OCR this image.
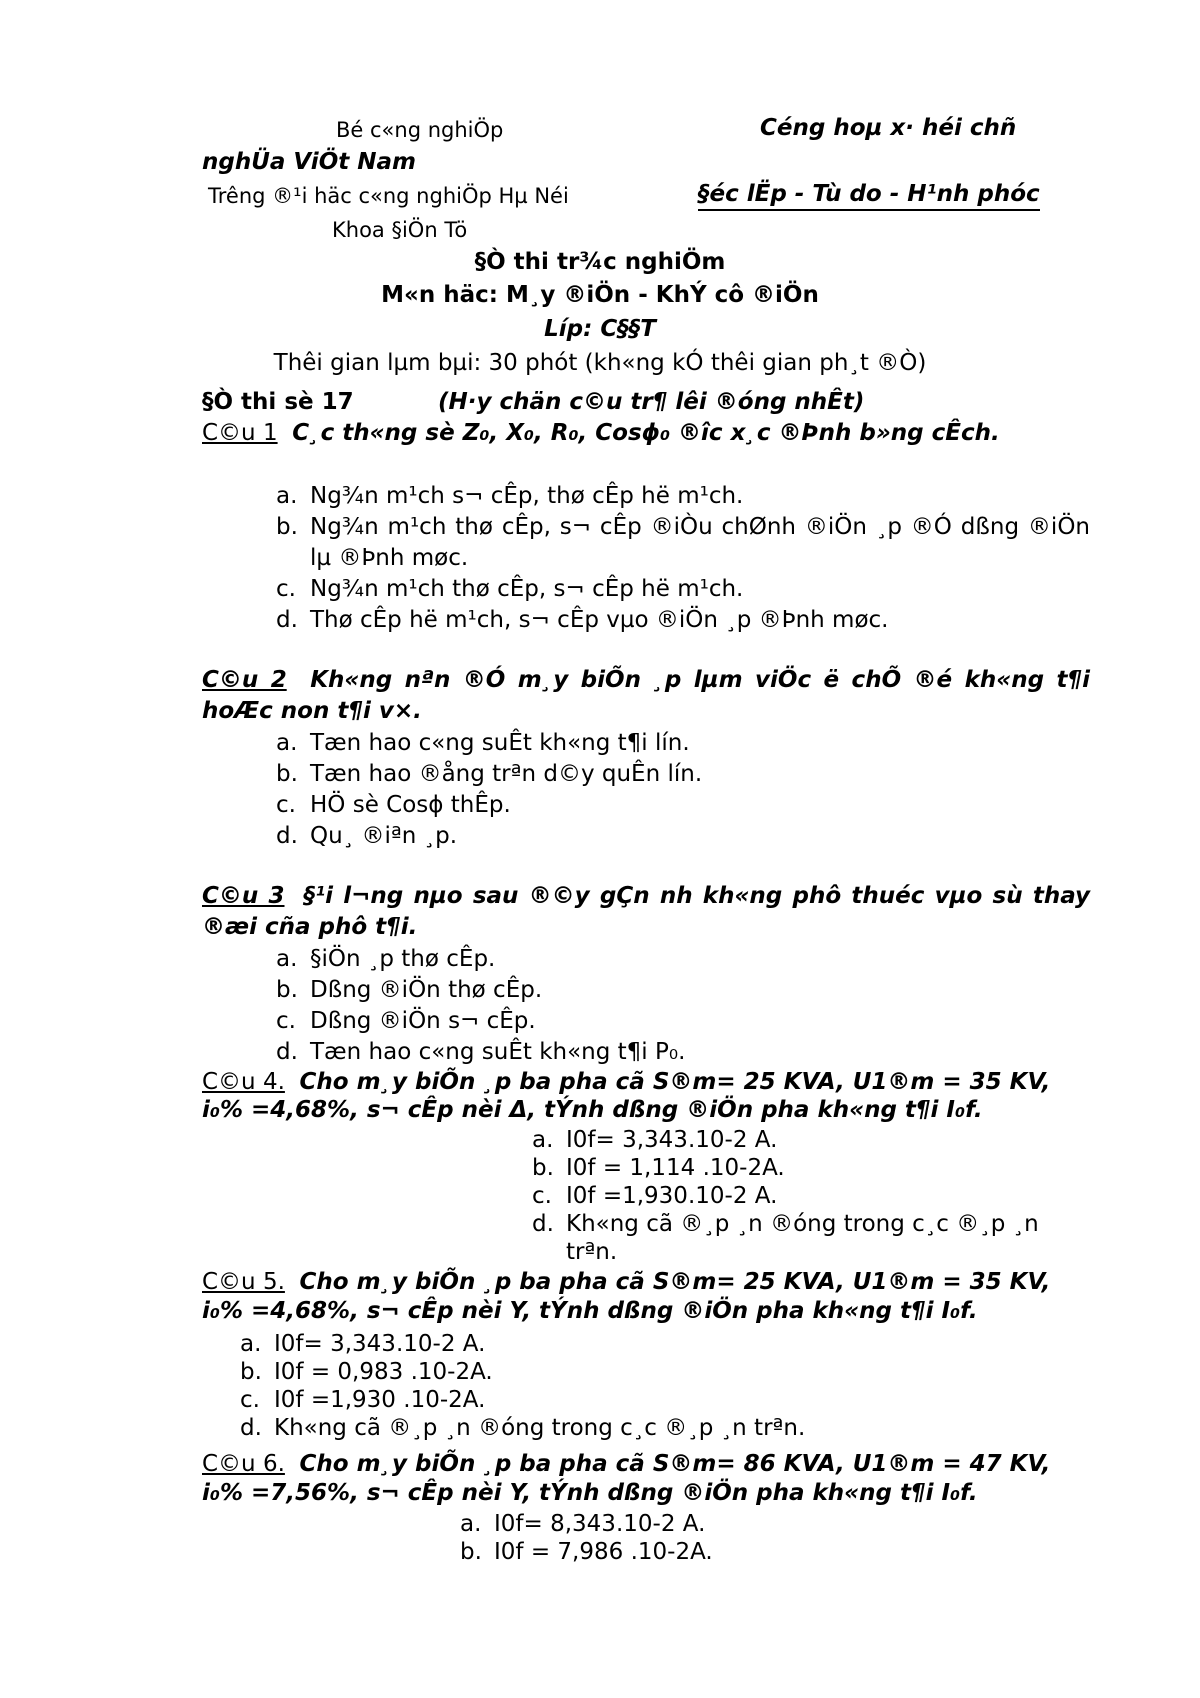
Bé c«ng nghiÖp	Céng hoµ x· héi chñ
nghÜa ViÖt Nam
Trêng ®¹i häc c«ng nghiÖp Hµ Néi	§éc lËp - Tù do - H¹nh phóc
Khoa §iÖn Tö
§Ò thi tr¾c nghiÖm
M«n häc: M¸y ®iÖn - KhÝ cô ®iÖn
Líp: C§§T
Thêi gian lµm bµi: 30 phót (kh«ng kÓ thêi gian ph¸t ®Ò)
§Ò thi sè 17	(H·y chän c©u tr¶ lêi ®óng nhÊt)
C©u 1 C¸c th«ng sè Z₀, X₀, R₀, Cosϕ₀ ®îc x¸c ®Þnh b»ng cÊch.
a. Ng¾n m¹ch s¬ cÊp, thø cÊp hë m¹ch.
b. Ng¾n m¹ch thø cÊp, s¬ cÊp ®iÒu chØnh ®iÖn ¸p ®Ó dßng ®iÖn lµ ®Þnh møc.
c. Ng¾n m¹ch thø cÊp, s¬ cÊp hë m¹ch.
d. Thø cÊp hë m¹ch, s¬ cÊp vµo ®iÖn ¸p ®Þnh møc.
C©u 2 Kh«ng nªn ®Ó m¸y biÕn ¸p lµm viÖc ë chÕ ®é kh«ng t¶i hoÆc non t¶i v×.
a. Tæn hao c«ng suÊt kh«ng t¶i lín.
b. Tæn hao ®ång trªn d©y quÊn lín.
c. HÖ sè Cosϕ thÊp.
d. Qu¸ ®iªn ¸p.
C©u 3 §¹i l¬ng nµo sau ®©y gÇn nh kh«ng phô thuéc vµo sù thay ®æi cña phô t¶i.
a. §iÖn ¸p thø cÊp.
b. Dßng ®iÖn thø cÊp.
c. Dßng ®iÖn s¬ cÊp.
d. Tæn hao c«ng suÊt kh«ng t¶i P₀.
C©u 4. Cho m¸y biÕn ¸p ba pha cã S®m= 25 KVA, U1®m = 35 KV,
i₀% =4,68%, s¬ cÊp nèi Δ, tÝnh dßng ®iÖn pha kh«ng t¶i I₀f.
a. I0f= 3,343.10-2 A.
b. I0f = 1,114 .10-2A.
c. I0f =1,930.10-2 A.
d. Kh«ng cã ®¸p ¸n ®óng trong c¸c ®¸p ¸n trªn.
C©u 5. Cho m¸y biÕn ¸p ba pha cã S®m= 25 KVA, U1®m = 35 KV,
i₀% =4,68%, s¬ cÊp nèi Y, tÝnh dßng ®iÖn pha kh«ng t¶i I₀f.
a. I0f= 3,343.10-2 A.
b. I0f = 0,983 .10-2A.
c. I0f =1,930 .10-2A.
d. Kh«ng cã ®¸p ¸n ®óng trong c¸c ®¸p ¸n trªn.
C©u 6. Cho m¸y biÕn ¸p ba pha cã S®m= 86 KVA, U1®m = 47 KV,
i₀% =7,56%, s¬ cÊp nèi Y, tÝnh dßng ®iÖn pha kh«ng t¶i I₀f.
a. I0f= 8,343.10-2 A.
b. I0f = 7,986 .10-2A.
